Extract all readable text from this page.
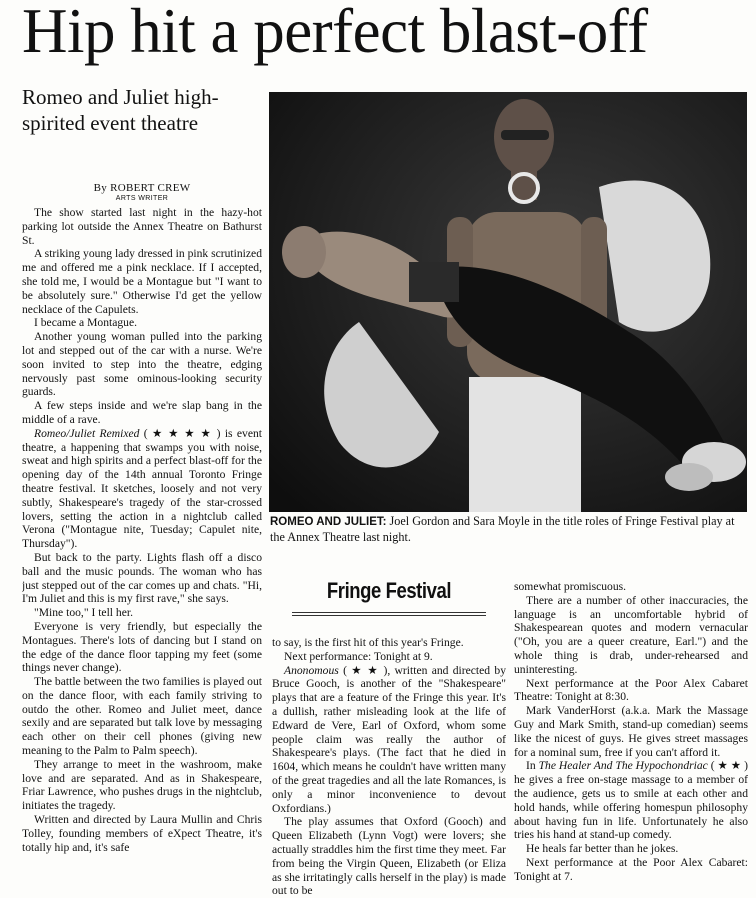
Hip hit a perfect blast-off
Romeo and Juliet high-spirited event theatre
By ROBERT CREW
ARTS WRITER

The show started last night in the hazy-hot parking lot outside the Annex Theatre on Bathurst St.

A striking young lady dressed in pink scrutinized me and offered me a pink necklace. If I accepted, she told me, I would be a Montague but "I want to be absolutely sure." Otherwise I'd get the yellow necklace of the Capulets.

I became a Montague.

Another young woman pulled into the parking lot and stepped out of the car with a nurse. We're soon invited to step into the theatre, edging nervously past some ominous-looking security guards.

A few steps inside and we're slap bang in the middle of a rave.

Romeo/Juliet Remixed ( ★ ★ ★ ★ ) is event theatre, a happening that swamps you with noise, sweat and high spirits and a perfect blast-off for the opening day of the 14th annual Toronto Fringe theatre festival. It sketches, loosely and not very subtly, Shakespeare's tragedy of the star-crossed lovers, setting the action in a nightclub called Verona ("Montague nite, Tuesday; Capulet nite, Thursday").

But back to the party. Lights flash off a disco ball and the music pounds. The woman who has just stepped out of the car comes up and chats. "Hi, I'm Juliet and this is my first rave," she says.

"Mine too," I tell her.

Everyone is very friendly, but especially the Montagues. There's lots of dancing but I stand on the edge of the dance floor tapping my feet (some things never change).

The battle between the two families is played out on the dance floor, with each family striving to outdo the other. Romeo and Juliet meet, dance sexily and are separated but talk love by messaging each other on their cell phones (giving new meaning to the Palm to Palm speech).

They arrange to meet in the washroom, make love and are separated. And as in Shakespeare, Friar Lawrence, who pushes drugs in the nightclub, initiates the tragedy.

Written and directed by Laura Mullin and Chris Tolley, founding members of eXpect Theatre, it's totally hip and, it's safe

ROMEO AND JULIET: Joel Gordon and Sara Moyle in the title roles of Fringe Festival play at the Annex Theatre last night.
Fringe Festival

to say, is the first hit of this year's Fringe.

Next performance: Tonight at 9.

Anonomous ( ★ ★ ), written and directed by Bruce Gooch, is another of the "Shakespeare" plays that are a feature of the Fringe this year. It's a dullish, rather misleading look at the life of Edward de Vere, Earl of Oxford, whom some people claim was really the author of Shakespeare's plays. (The fact that he died in 1604, which means he couldn't have written many of the great tragedies and all the late Romances, is only a minor inconvenience to devout Oxfordians.)

The play assumes that Oxford (Gooch) and Queen Elizabeth (Lynn Vogt) were lovers; she actually straddles him the first time they meet. Far from being the Virgin Queen, Elizabeth (or Eliza as she irritatingly calls herself in the play) is made out to be

somewhat promiscuous.

There are a number of other inaccuracies, the language is an uncomfortable hybrid of Shakespearean quotes and modern vernacular ("Oh, you are a queer creature, Earl.") and the whole thing is drab, under-rehearsed and uninteresting.

Next performance at the Poor Alex Cabaret Theatre: Tonight at 8:30.

Mark VanderHorst (a.k.a. Mark the Massage Guy and Mark Smith, stand-up comedian) seems like the nicest of guys. He gives street massages for a nominal sum, free if you can't afford it.

In The Healer And The Hypochondriac ( ★ ★ ) he gives a free on-stage massage to a member of the audience, gets us to smile at each other and hold hands, while offering homespun philosophy about having fun in life. Unfortunately he also tries his hand at stand-up comedy.

He heals far better than he jokes.

Next performance at the Poor Alex Cabaret: Tonight at 7.
